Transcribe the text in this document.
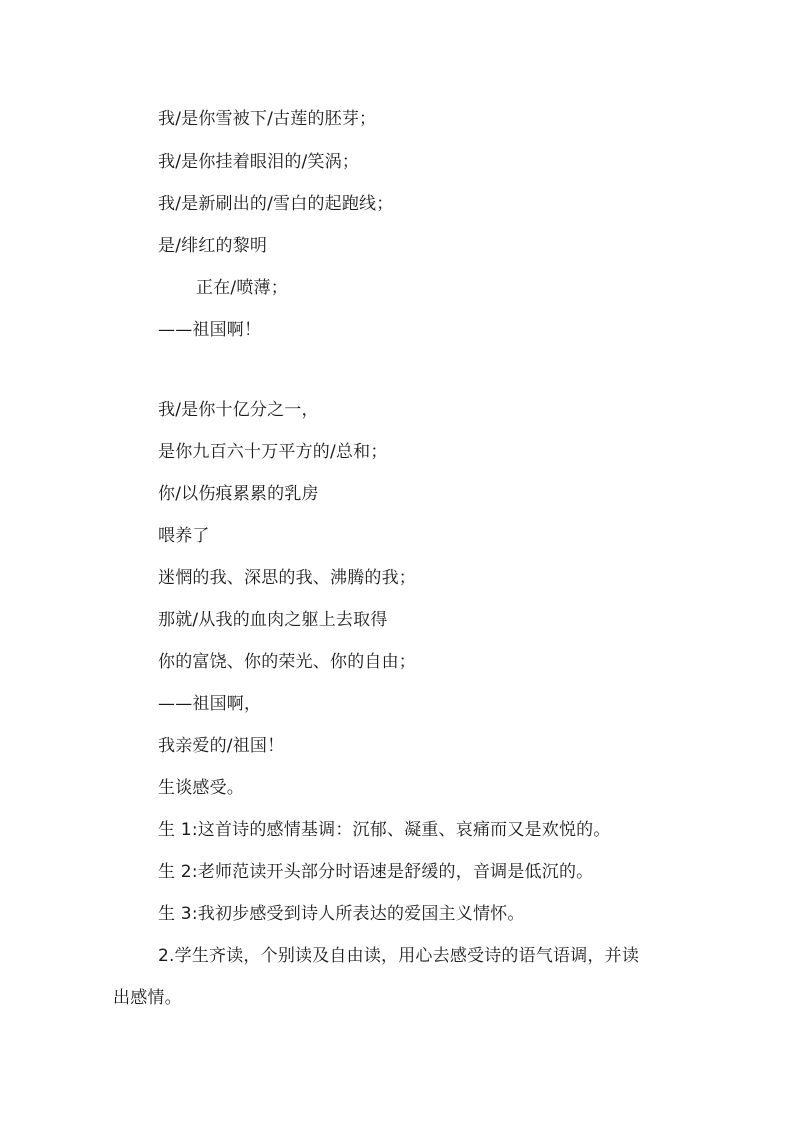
我/是你雪被下/古莲的胚芽；
我/是你挂着眼泪的/笑涡；
我/是新刷出的/雪白的起跑线；
是/绯红的黎明
正在/喷薄；
——祖国啊！
我/是你十亿分之一，
是你九百六十万平方的/总和；
你/以伤痕累累的乳房
喂养了
迷惘的我、深思的我、沸腾的我；
那就/从我的血肉之躯上去取得
你的富饶、你的荣光、你的自由；
——祖国啊，
我亲爱的/祖国！
生谈感受。
生 1:这首诗的感情基调：沉郁、凝重、哀痛而又是欢悦的。
生 2:老师范读开头部分时语速是舒缓的，音调是低沉的。
生 3:我初步感受到诗人所表达的爱国主义情怀。
2.学生齐读，个别读及自由读，用心去感受诗的语气语调，并读
出感情。
